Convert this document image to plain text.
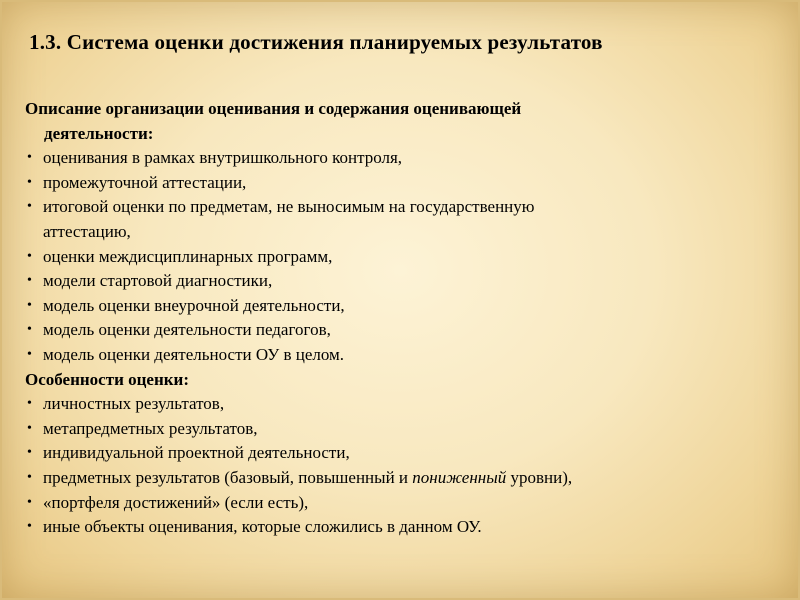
1.3. Система оценки достижения планируемых результатов
Описание организации оценивания и содержания оценивающей
деятельности:
• оценивания в рамках внутришкольного контроля,
• промежуточной аттестации,
• итоговой оценки по предметам, не выносимым на государственную
аттестацию,
• оценки междисциплинарных программ,
• модели стартовой диагностики,
• модель оценки внеурочной деятельности,
• модель оценки деятельности педагогов,
• модель оценки деятельности ОУ в целом.
Особенности оценки:
• личностных результатов,
• метапредметных результатов,
• индивидуальной проектной деятельности,
• предметных результатов (базовый, повышенный и пониженный уровни),
• «портфеля достижений» (если есть),
• иные объекты оценивания, которые сложились в данном ОУ.
